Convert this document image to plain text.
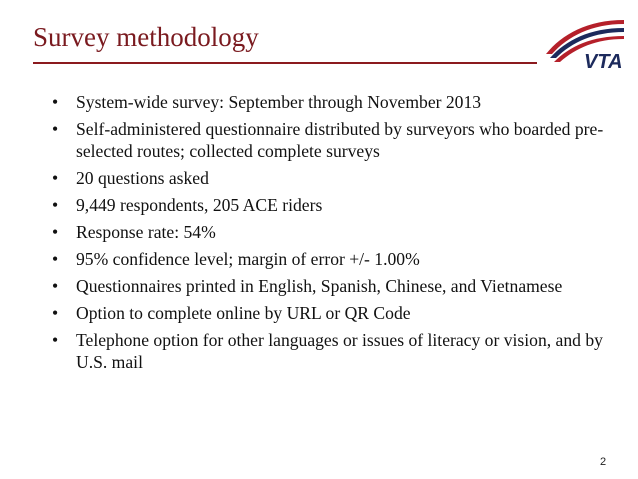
Survey methodology
VTA
• System-wide survey: September through November 2013
• Self-administered questionnaire distributed by surveyors who boarded pre-selected routes; collected complete surveys
• 20 questions asked
• 9,449 respondents, 205 ACE riders
• Response rate: 54%
• 95% confidence level; margin of error +/- 1.00%
• Questionnaires printed in English, Spanish, Chinese, and Vietnamese
• Option to complete online by URL or QR Code
• Telephone option for other languages or issues of literacy or vision, and by U.S. mail
2
